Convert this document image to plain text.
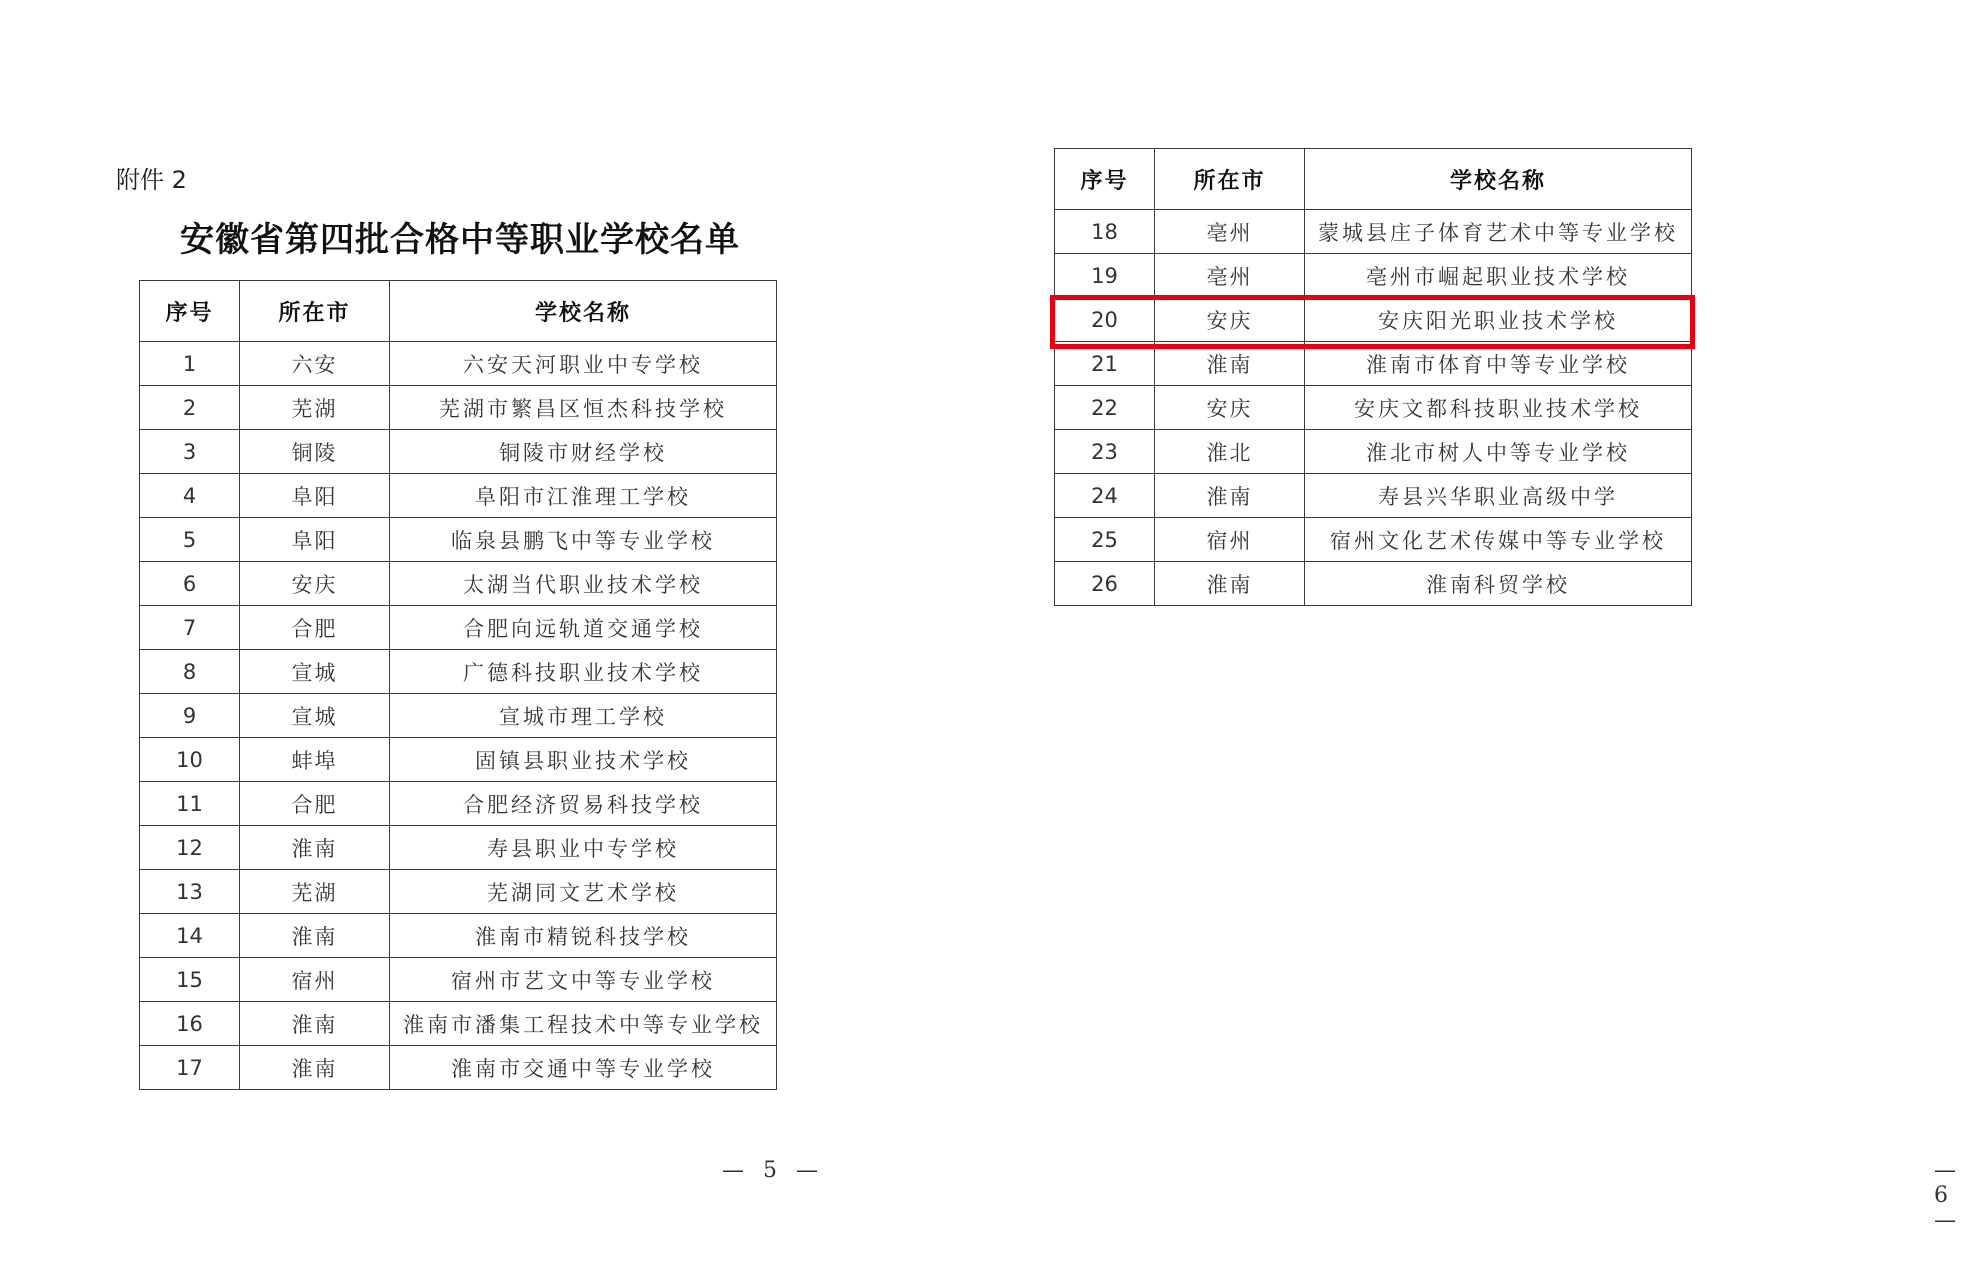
附件 2
安徽省第四批合格中等职业学校名单
— 5 —
序号	所在市	学校名称
1	六安	六安天河职业中专学校
2	芜湖	芜湖市繁昌区恒杰科技学校
3	铜陵	铜陵市财经学校
4	阜阳	阜阳市江淮理工学校
5	阜阳	临泉县鹏飞中等专业学校
6	安庆	太湖当代职业技术学校
7	合肥	合肥向远轨道交通学校
8	宣城	广德科技职业技术学校
9	宣城	宣城市理工学校
10	蚌埠	固镇县职业技术学校
11	合肥	合肥经济贸易科技学校
12	淮南	寿县职业中专学校
13	芜湖	芜湖同文艺术学校
14	淮南	淮南市精锐科技学校
15	宿州	宿州市艺文中等专业学校
16	淮南	淮南市潘集工程技术中等专业学校
17	淮南	淮南市交通中等专业学校
— 6 —
序号	所在市	学校名称
18	亳州	蒙城县庄子体育艺术中等专业学校
19	亳州	亳州市崛起职业技术学校
20	安庆	安庆阳光职业技术学校
21	淮南	淮南市体育中等专业学校
22	安庆	安庆文都科技职业技术学校
23	淮北	淮北市树人中等专业学校
24	淮南	寿县兴华职业高级中学
25	宿州	宿州文化艺术传媒中等专业学校
26	淮南	淮南科贸学校
